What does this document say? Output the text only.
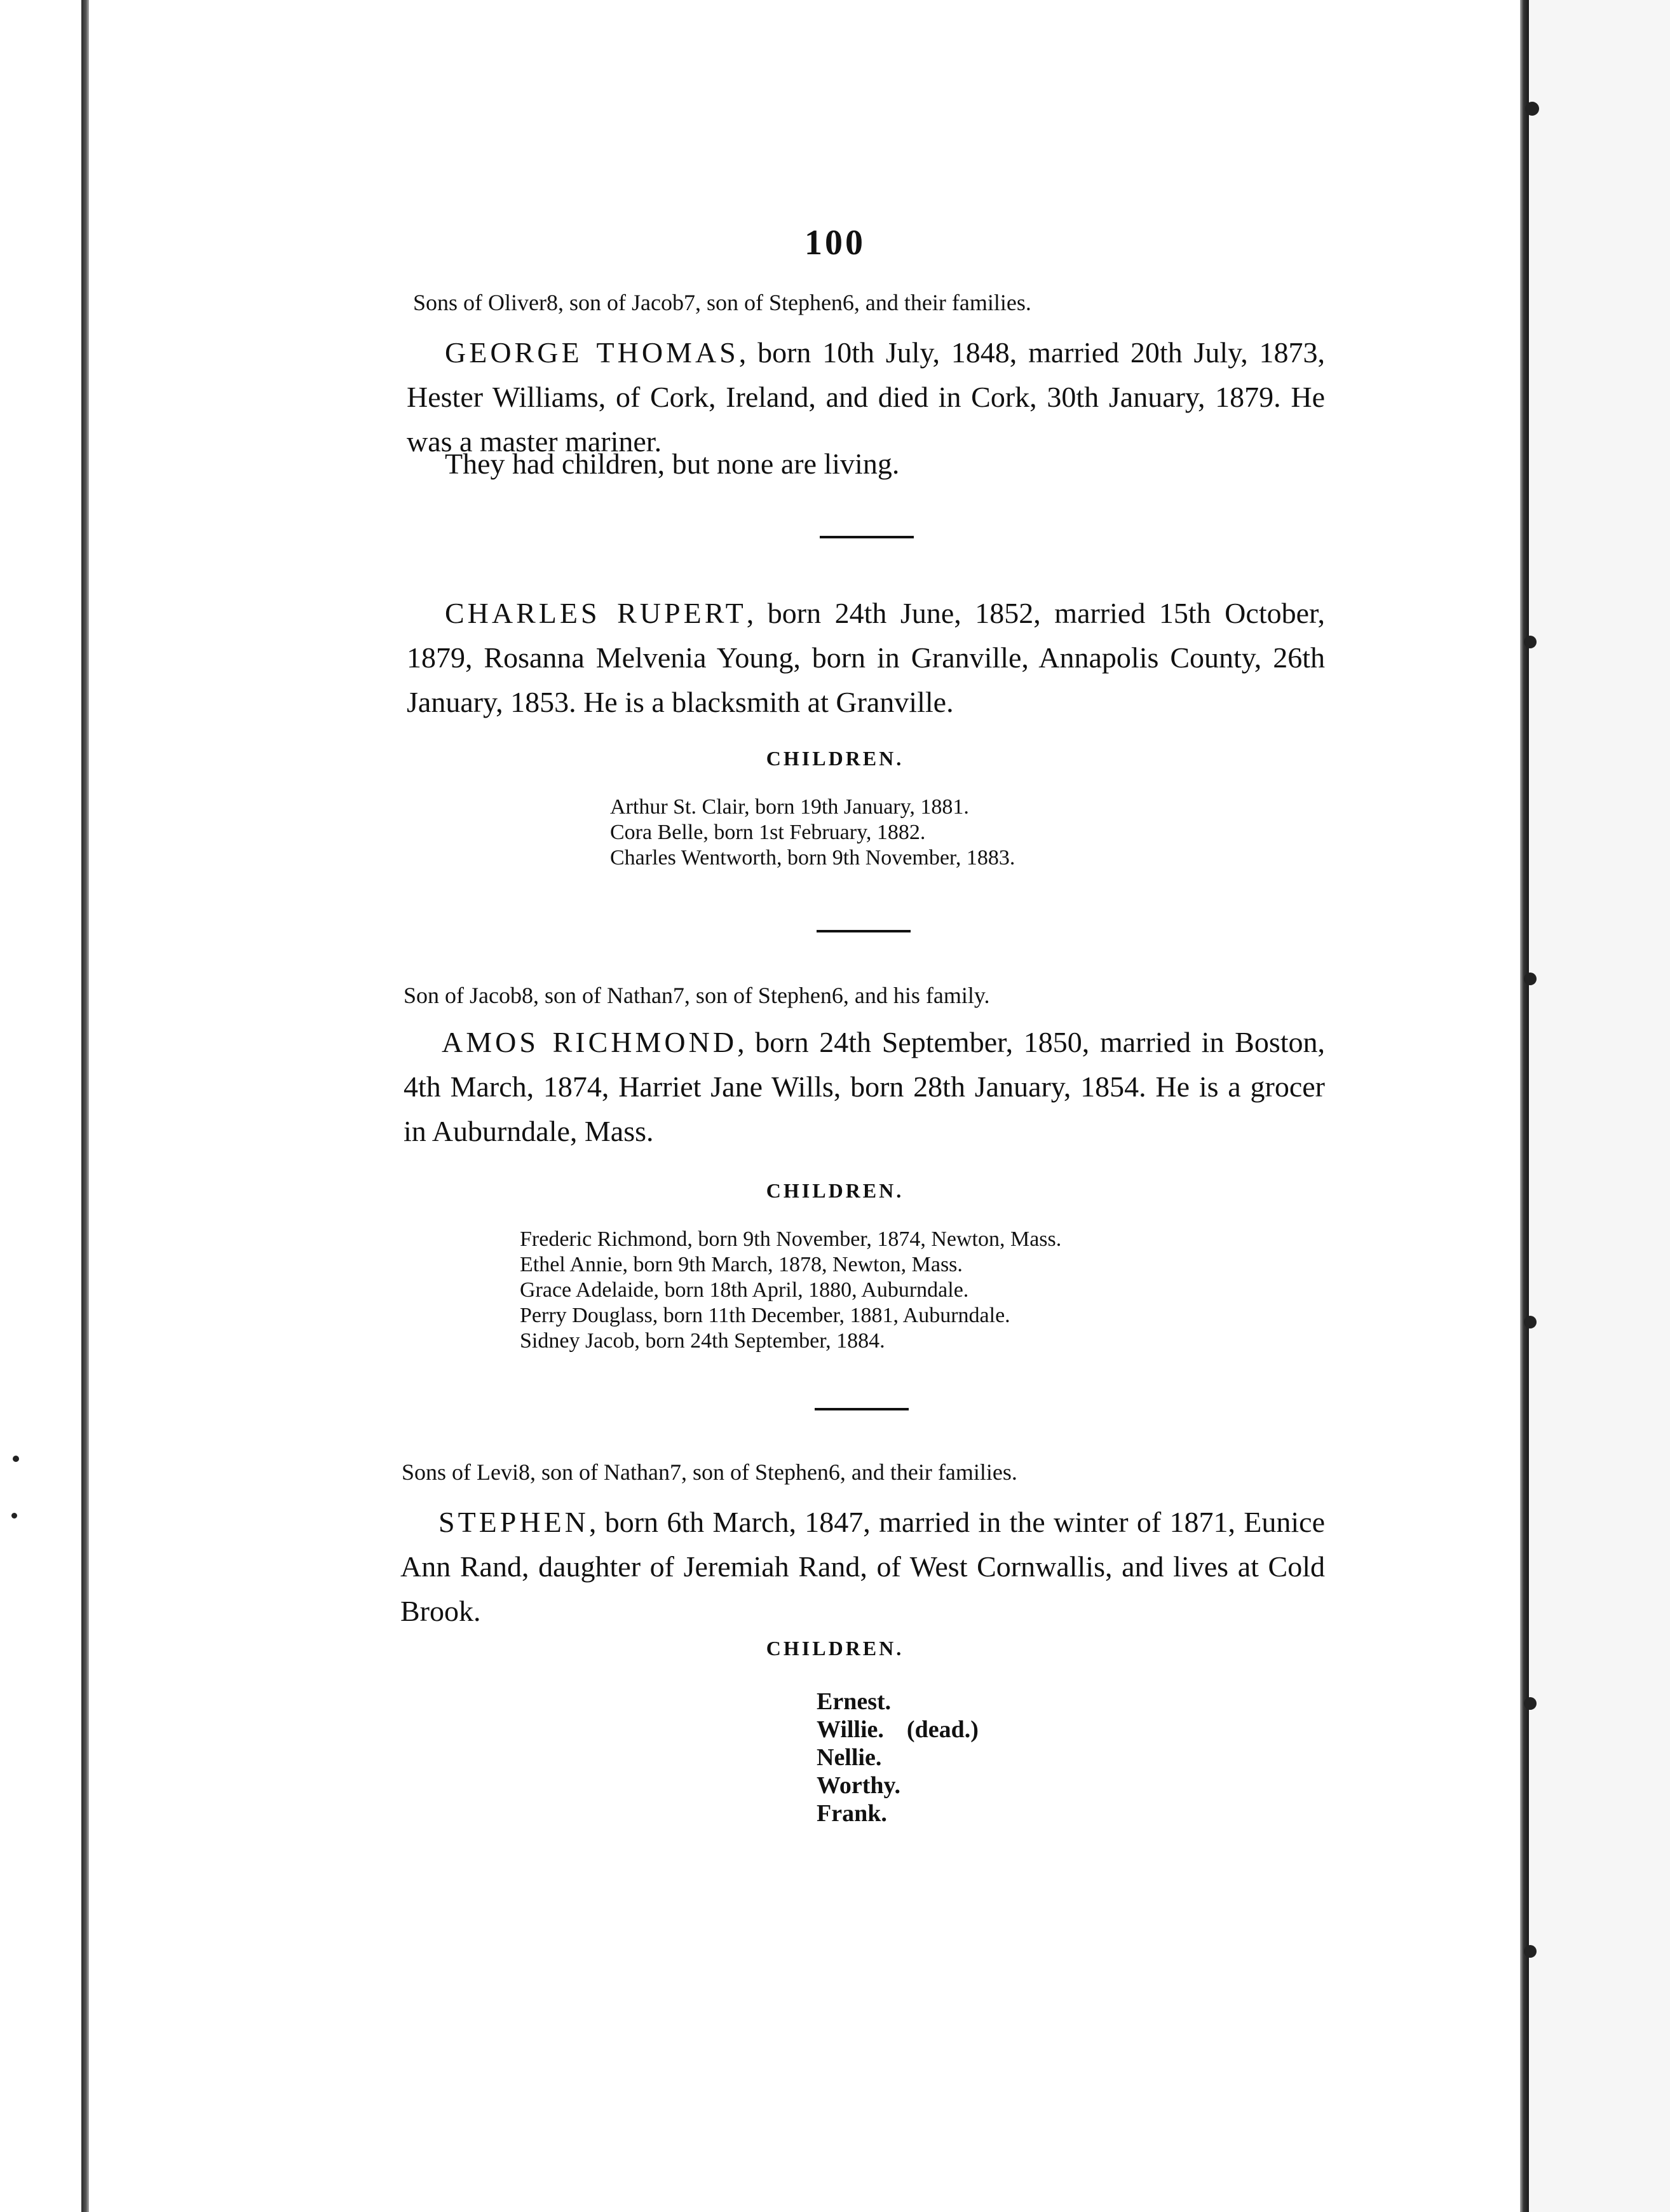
100
Sons of Oliver8, son of Jacob7, son of Stephen6, and their families.
GEORGE THOMAS, born 10th July, 1848, married 20th July, 1873, Hester Williams, of Cork, Ireland, and died in Cork, 30th January, 1879. He was a master mariner.
They had children, but none are living.
CHARLES RUPERT, born 24th June, 1852, married 15th October, 1879, Rosanna Melvenia Young, born in Granville, Annapolis County, 26th January, 1853. He is a blacksmith at Granville.
CHILDREN.
Arthur St. Clair, born 19th January, 1881.
Cora Belle, born 1st February, 1882.
Charles Wentworth, born 9th November, 1883.
Son of Jacob8, son of Nathan7, son of Stephen6, and his family.
AMOS RICHMOND, born 24th September, 1850, married in Boston, 4th March, 1874, Harriet Jane Wills, born 28th January, 1854. He is a grocer in Auburndale, Mass.
CHILDREN.
Frederic Richmond, born 9th November, 1874, Newton, Mass.
Ethel Annie, born 9th March, 1878, Newton, Mass.
Grace Adelaide, born 18th April, 1880, Auburndale.
Perry Douglass, born 11th December, 1881, Auburndale.
Sidney Jacob, born 24th September, 1884.
Sons of Levi8, son of Nathan7, son of Stephen6, and their families.
STEPHEN, born 6th March, 1847, married in the winter of 1871, Eunice Ann Rand, daughter of Jeremiah Rand, of West Cornwallis, and lives at Cold Brook.
CHILDREN.
Ernest.
Willie. (dead.)
Nellie.
Worthy.
Frank.
